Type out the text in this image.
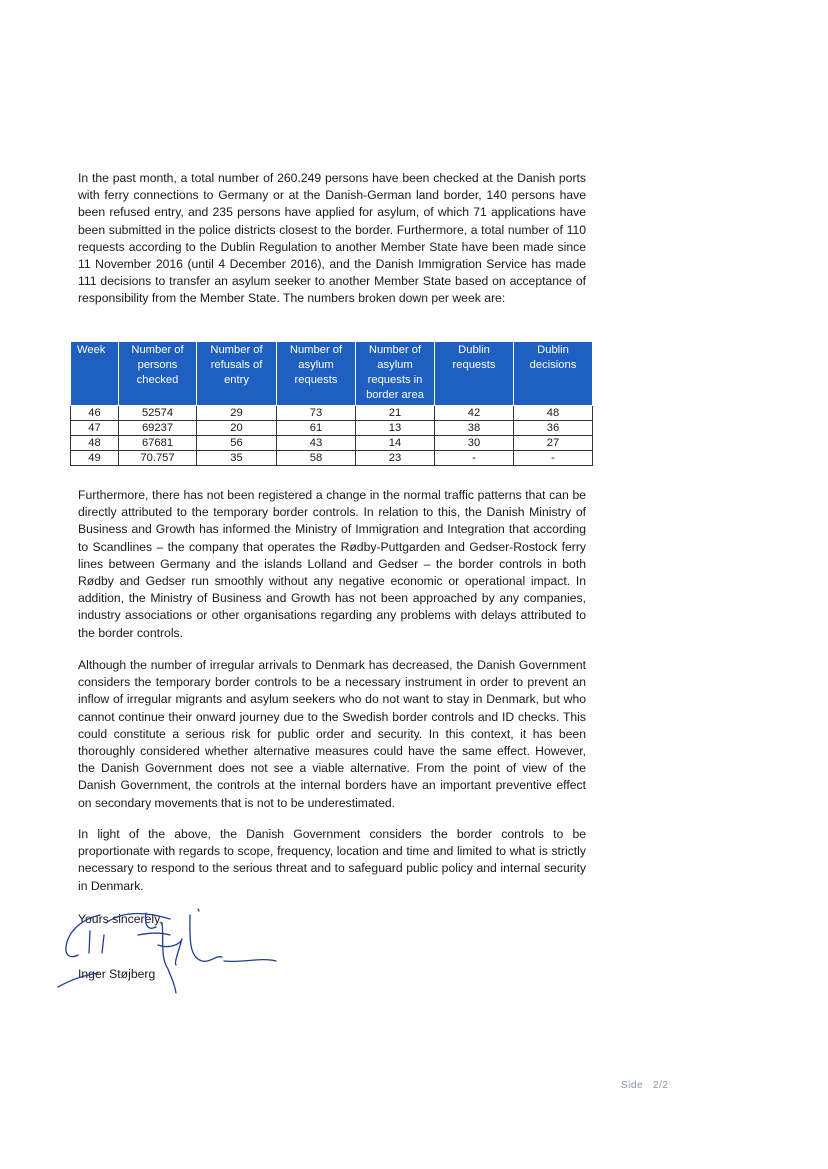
In the past month, a total number of 260.249 persons have been checked at the Danish ports with ferry connections to Germany or at the Danish-German land border, 140 persons have been refused entry, and 235 persons have applied for asylum, of which 71 applications have been submitted in the police districts closest to the border. Furthermore, a total number of 110 requests according to the Dublin Regulation to another Member State have been made since 11 November 2016 (until 4 December 2016), and the Danish Immigration Service has made 111 decisions to transfer an asylum seeker to another Member State based on acceptance of responsibility from the Member State. The numbers broken down per week are:

Week	Number of persons checked	Number of refusals of entry	Number of asylum requests	Number of asylum requests in border area	Dublin requests	Dublin decisions
46	52574	29	73	21	42	48
47	69237	20	61	13	38	36
48	67681	56	43	14	30	27
49	70.757	35	58	23	-	-

Furthermore, there has not been registered a change in the normal traffic patterns that can be directly attributed to the temporary border controls. In relation to this, the Danish Ministry of Business and Growth has informed the Ministry of Immigration and Integration that according to Scandlines – the company that operates the Rødby-Puttgarden and Gedser-Rostock ferry lines between Germany and the islands Lolland and Gedser – the border controls in both Rødby and Gedser run smoothly without any negative economic or operational impact. In addition, the Ministry of Business and Growth has not been approached by any companies, industry associations or other organisations regarding any problems with delays attributed to the border controls.

Although the number of irregular arrivals to Denmark has decreased, the Danish Government considers the temporary border controls to be a necessary instrument in order to prevent an inflow of irregular migrants and asylum seekers who do not want to stay in Denmark, but who cannot continue their onward journey due to the Swedish border controls and ID checks. This could constitute a serious risk for public order and security. In this context, it has been thoroughly considered whether alternative measures could have the same effect. However, the Danish Government does not see a viable alternative. From the point of view of the Danish Government, the controls at the internal borders have an important preventive effect on secondary movements that is not to be underestimated.

In light of the above, the Danish Government considers the border controls to be proportionate with regards to scope, frequency, location and time and limited to what is strictly necessary to respond to the serious threat and to safeguard public policy and internal security in Denmark.

Yours sincerely,

Inger Støjberg

Side 2/2
